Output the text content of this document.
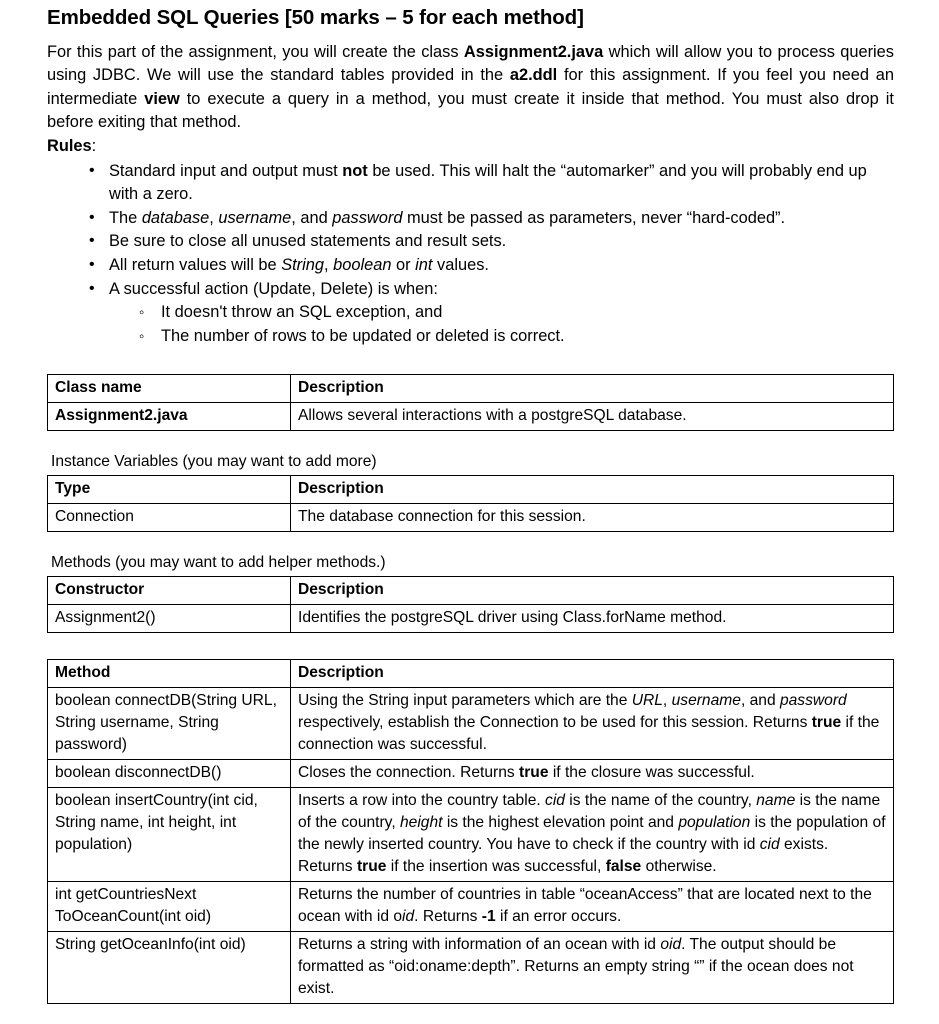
Embedded SQL Queries [50 marks – 5 for each method]

For this part of the assignment, you will create the class Assignment2.java which will allow you to process queries using JDBC. We will use the standard tables provided in the a2.ddl for this assignment. If you feel you need an intermediate view to execute a query in a method, you must create it inside that method. You must also drop it before exiting that method.

Rules:
• Standard input and output must not be used. This will halt the “automarker” and you will probably end up with a zero.
• The database, username, and password must be passed as parameters, never “hard-coded”.
• Be sure to close all unused statements and result sets.
• All return values will be String, boolean or int values.
• A successful action (Update, Delete) is when:
◦ It doesn't throw an SQL exception, and
◦ The number of rows to be updated or deleted is correct.
Class name	Description
Assignment2.java	Allows several interactions with a postgreSQL database.
Instance Variables (you may want to add more)
Type	Description
Connection	The database connection for this session.
Methods (you may want to add helper methods.)
Constructor	Description
Assignment2()	Identifies the postgreSQL driver using Class.forName method.
Method	Description
boolean connectDB(String URL, String username, String password)	Using the String input parameters which are the URL, username, and password respectively, establish the Connection to be used for this session. Returns true if the connection was successful.
boolean disconnectDB()	Closes the connection. Returns true if the closure was successful.
boolean insertCountry(int cid, String name, int height, int population)	Inserts a row into the country table. cid is the name of the country, name is the name of the country, height is the highest elevation point and population is the population of the newly inserted country. You have to check if the country with id cid exists. Returns true if the insertion was successful, false otherwise.
int getCountriesNext ToOceanCount(int oid)	Returns the number of countries in table “oceanAccess” that are located next to the ocean with id oid. Returns -1 if an error occurs.
String getOceanInfo(int oid)	Returns a string with information of an ocean with id oid. The output should be formatted as “oid:oname:depth”. Returns an empty string “” if the ocean does not exist.
